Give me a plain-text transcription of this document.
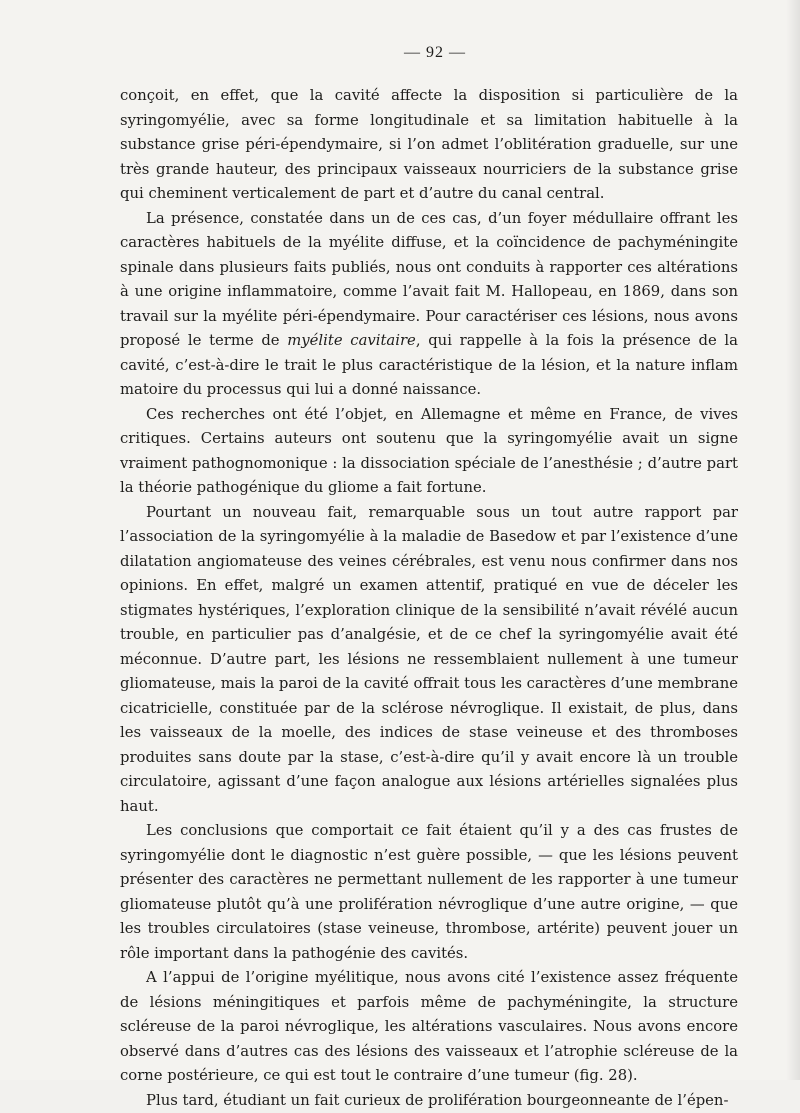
— 92 —

conçoit, en effet, que la cavité affecte la disposition si particulière de la syringomyélie, avec sa forme longitudinale et sa limitation habituelle à la substance grise péri-épendymaire, si l’on admet l’oblitération graduelle, sur une très grande hauteur, des principaux vaisseaux nourriciers de la substance grise qui cheminent verticalement de part et d’autre du canal central.

La présence, constatée dans un de ces cas, d’un foyer médullaire offrant les caractères habituels de la myélite diffuse, et la coïncidence de pachyméningite spinale dans plusieurs faits publiés, nous ont conduits à rapporter ces altérations à une origine inflammatoire, comme l’avait fait M. Hallopeau, en 1869, dans son travail sur la myélite péri-épendymaire. Pour caractériser ces lésions, nous avons proposé le terme de myélite cavitaire, qui rappelle à la fois la présence de la cavité, c’est-à-dire le trait le plus caractéristique de la lésion, et la nature inflam matoire du processus qui lui a donné naissance.

Ces recherches ont été l’objet, en Allemagne et même en France, de vives critiques. Certains auteurs ont soutenu que la syringomyélie avait un signe vraiment pathognomonique : la dissociation spéciale de l’anesthésie ; d’autre part la théorie pathogénique du gliome a fait fortune.

Pourtant un nouveau fait, remarquable sous un tout autre rapport par l’association de la syringomyélie à la maladie de Basedow et par l’existence d’une dilatation angiomateuse des veines cérébrales, est venu nous confirmer dans nos opinions. En effet, malgré un examen attentif, pratiqué en vue de déceler les stigmates hystériques, l’exploration clinique de la sensibilité n’avait révélé aucun trouble, en particulier pas d’analgésie, et de ce chef la syringomyélie avait été méconnue. D’autre part, les lésions ne ressemblaient nullement à une tumeur gliomateuse, mais la paroi de la cavité offrait tous les caractères d’une membrane cicatricielle, constituée par de la sclérose névroglique. Il existait, de plus, dans les vaisseaux de la moelle, des indices de stase veineuse et des thromboses produites sans doute par la stase, c’est-à-dire qu’il y avait encore là un trouble circulatoire, agissant d’une façon analogue aux lésions artérielles signalées plus haut.

Les conclusions que comportait ce fait étaient qu’il y a des cas frustes de syringomyélie dont le diagnostic n’est guère possible, — que les lésions peuvent présenter des caractères ne permettant nullement de les rapporter à une tumeur gliomateuse plutôt qu’à une prolifération névroglique d’une autre origine, — que les troubles circulatoires (stase veineuse, thrombose, artérite) peuvent jouer un rôle important dans la pathogénie des cavités.

A l’appui de l’origine myélitique, nous avons cité l’existence assez fréquente de lésions méningitiques et parfois même de pachyméningite, la structure scléreuse de la paroi névroglique, les altérations vasculaires. Nous avons encore observé dans d’autres cas des lésions des vaisseaux et l’atrophie scléreuse de la corne postérieure, ce qui est tout le contraire d’une tumeur (fig. 28).

Plus tard, étudiant un fait curieux de prolifération bourgeonneante de l’épen-
